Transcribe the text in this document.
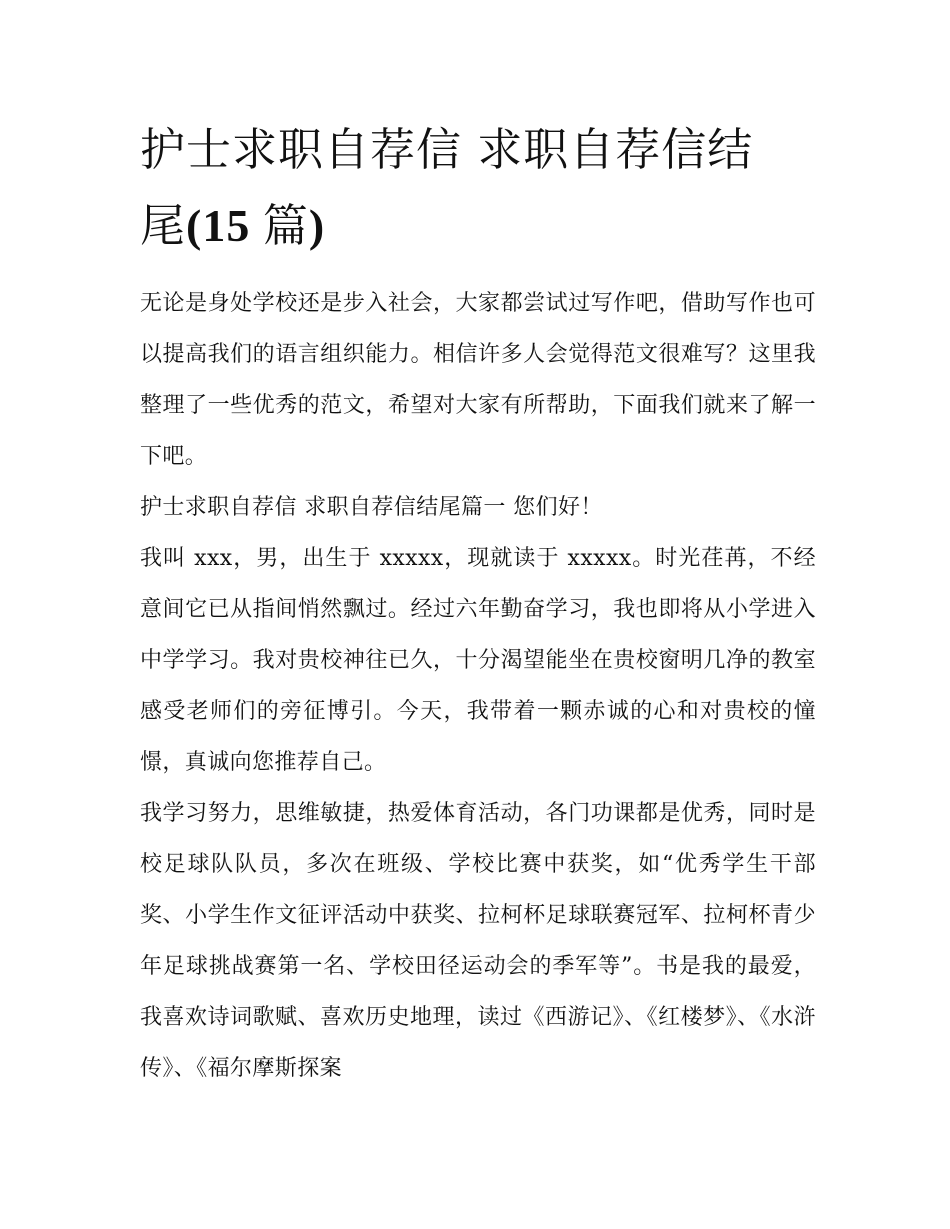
护士求职自荐信 求职自荐信结
尾(15 篇)

无论是身处学校还是步入社会，大家都尝试过写作吧，借助写作也可以提高我们的语言组织能力。相信许多人会觉得范文很难写？这里我整理了一些优秀的范文，希望对大家有所帮助，下面我们就来了解一下吧。

护士求职自荐信 求职自荐信结尾篇一 您们好！

我叫 xxx，男，出生于 xxxxx，现就读于 xxxxx。时光荏苒，不经意间它已从指间悄然飘过。经过六年勤奋学习，我也即将从小学进入中学学习。我对贵校神往已久，十分渴望能坐在贵校窗明几净的教室感受老师们的旁征博引。今天，我带着一颗赤诚的心和对贵校的憧憬，真诚向您推荐自己。

我学习努力，思维敏捷，热爱体育活动，各门功课都是优秀，同时是校足球队队员，多次在班级、学校比赛中获奖，如“优秀学生干部奖、小学生作文征评活动中获奖、拉柯杯足球联赛冠军、拉柯杯青少年足球挑战赛第一名、学校田径运动会的季军等”。书是我的最爱，我喜欢诗词歌赋、喜欢历史地理，读过《西游记》、《红楼梦》、《水浒传》、《福尔摩斯探案
